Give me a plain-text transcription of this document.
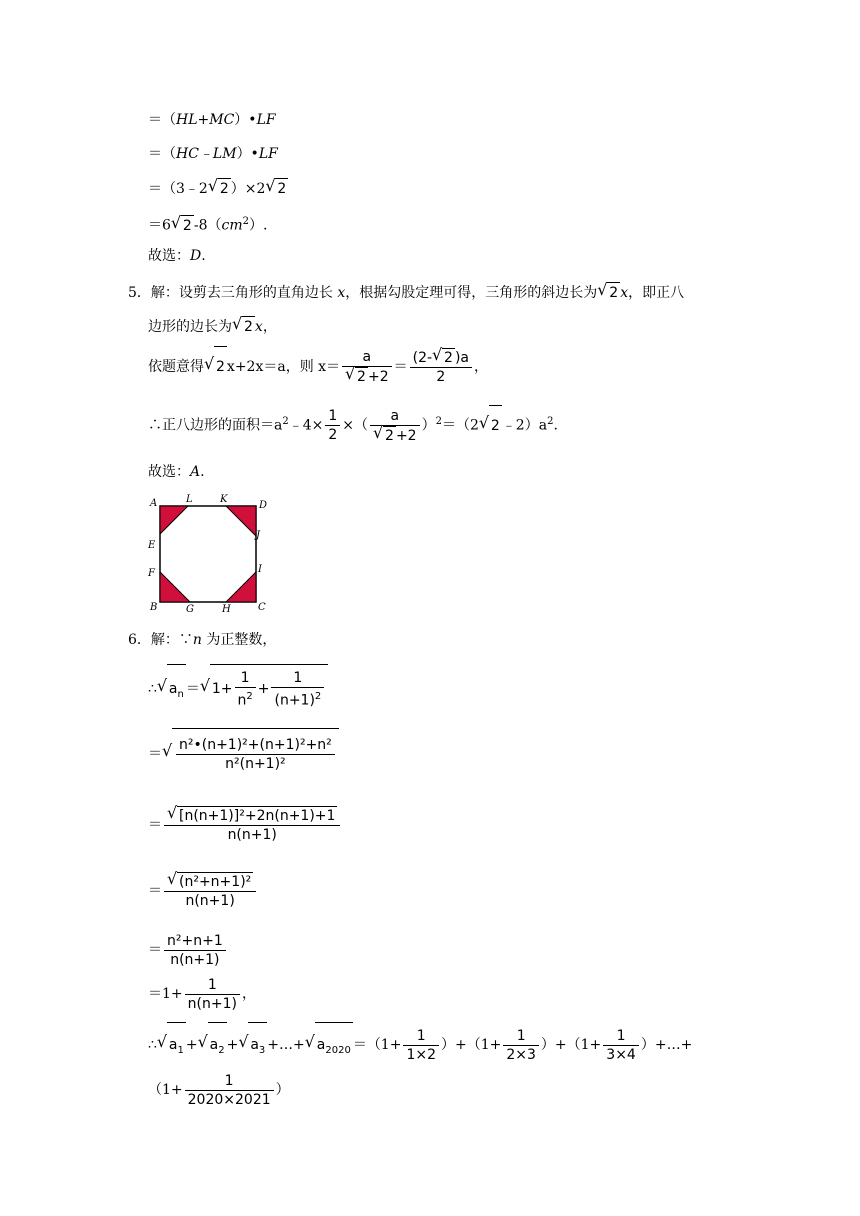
＝（HL+MC）•LF
＝（HC﹣LM）•LF
＝（3﹣2 √ 2 ）×2 √ 2
＝6 √ 2 $-8(cm^2)$.
故选：D.
5．解：设剪去三角形的直角边长 x，根据勾股定理可得，三角形的斜边长为 √ 2 x，即正八
边形的边长为 √ 2 x，
依题意得 √ 2 x+2x＝a，则 x＝ a
√ $2 +2 = \frac{(2- √ 2 )a}{2}$ ，
∴正八边形的面积$=a^2﹣4\times \frac{1}{2}$ ×（ a
√ 2 +2 ）$^2$＝（2 √ 2 $﹣2)a^2$.
故选：A.
A	L	K
D
J
E
F	I
B	G	H	C
6．解：∵n 为正整数，
∴ √ $a_n$ ＝ √ $1+ \frac{1}{n^2} + \frac{1}{(n+1)^2}$
＝ √ $\frac{\text{n²•(n+1)²+(n+1)²+n²}}{\text{n²(n+1)²}}$
＝ √ $\frac{\text{[n(n+1)]²+2n(n+1)+1}}{n(n+1)}$
＝ √ $\frac{\text{(n²+n+1)²}}{n(n+1)}$
＝ $\frac{\text{n²+n+1}}{n(n+1)}$
$=1+ \frac{1}{n(n+1)}$ ，
∴ √ $a_1$ + √ $a_2$ + √ $a_3$ +…+ √ $a_{2020} =(1+ \frac{1}{1\times 2} )+(1+ \frac{1}{2\times 3} )+(1+ \frac{1}{3\times 4}$ ）+…+
（$1+ \frac{1}{2020\times 2021}$ ）
